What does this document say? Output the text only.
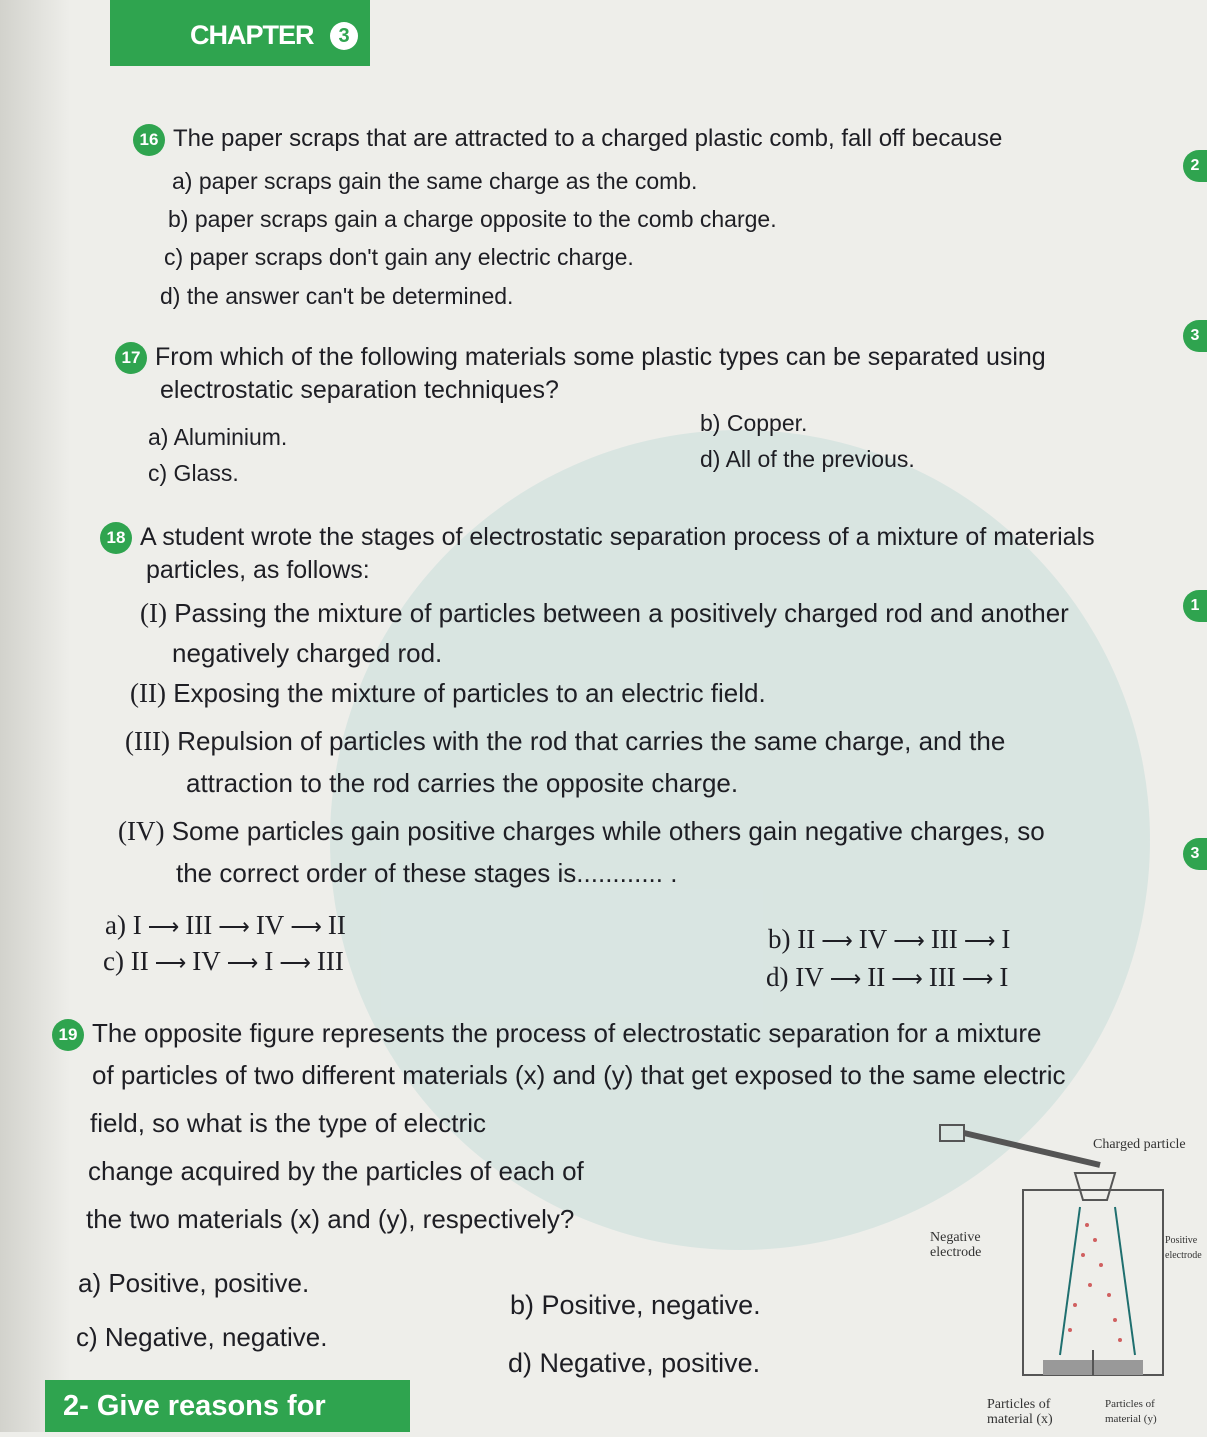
CHAPTER	3
2
3
1
3
16 The paper scraps that are attracted to a charged plastic comb, fall off because
a) paper scraps gain the same charge as the comb.
b) paper scraps gain a charge opposite to the comb charge.
c) paper scraps don't gain any electric charge.
d) the answer can't be determined.
17 From which of the following materials some plastic types can be separated using
electrostatic separation techniques?
a) Aluminium.
b) Copper.
c) Glass.
d) All of the previous.
18 A student wrote the stages of electrostatic separation process of a mixture of materials
particles, as follows:
(I) Passing the mixture of particles between a positively charged rod and another
negatively charged rod.
(II) Exposing the mixture of particles to an electric field.
(III) Repulsion of particles with the rod that carries the same charge, and the
attraction to the rod carries the opposite charge.
(IV) Some particles gain positive charges while others gain negative charges, so
the correct order of these stages is............ .
a) I ⟶ III ⟶ IV ⟶ II	b) II ⟶ IV ⟶ III ⟶ I
c) II ⟶ IV ⟶ I ⟶ III
d) IV ⟶ II ⟶ III ⟶ I
19 The opposite figure represents the process of electrostatic separation for a mixture
of particles of two different materials (x) and (y) that get exposed to the same electric
field, so what is the type of electric
change acquired by the particles of each of
the two materials (x) and (y), respectively?
a) Positive, positive.
b) Positive, negative.
c) Negative, negative.
d) Negative, positive.
Charged particle
Negative
electrode
Positive
electrode
Particles of
material (x)
Particles of
material (y)
2- Give reasons for
